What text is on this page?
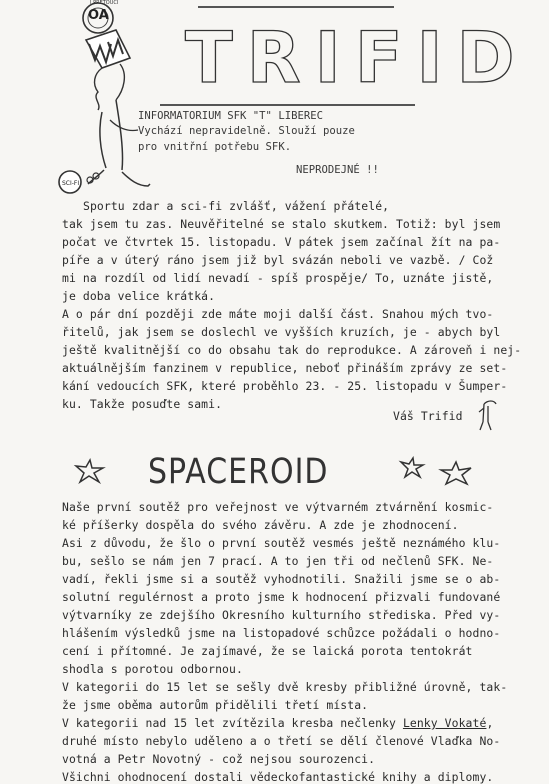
SCI-FI
OA
I.PRETOUCI
TRIFID
INFORMATORIUM SFK "T" LIBEREC
Vychází nepravidelně. Slouží pouze
pro vnitřní potřebu SFK.
NEPRODEJNÉ !!
Sportu zdar a sci-fi zvlášť, vážení přátelé,
tak jsem tu zas. Neuvěřitelné se stalo skutkem. Totiž: byl jsem
počat ve čtvrtek 15. listopadu. V pátek jsem začínal žít na pa-
píře a v úterý ráno jsem již byl svázán neboli ve vazbě. / Což
mi na rozdíl od lidí nevadí - spíš prospěje/ To, uznáte jistě,
je doba velice krátká.
A o pár dní později zde máte moji další část. Snahou mých tvo-
řitelů, jak jsem se doslechl ve vyšších kruzích, je - abych byl
ještě kvalitnější co do obsahu tak do reprodukce. A zároveň i nej-
aktuálnějším fanzinem v republice, neboť přináším zprávy ze set-
kání vedoucích SFK, které proběhlo 23. - 25. listopadu v Šumper-
ku. Takže posuďte sami.
Váš Trifid
SPACEROID
Naše první soutěž pro veřejnost ve výtvarném ztvárnění kosmic-
ké příšerky dospěla do svého závěru. A zde je zhodnocení.
Asi z důvodu, že šlo o první soutěž vesmés ještě neznámého klu-
bu, sešlo se nám jen 7 prací. A to jen tři od nečlenů SFK. Ne-
vadí, řekli jsme si a soutěž vyhodnotili. Snažili jsme se o ab-
solutní regulérnost a proto jsme k hodnocení přizvali fundované
výtvarníky ze zdejšího Okresního kulturního střediska. Před vy-
hlášením výsledků jsme na listopadové schůzce požádali o hodno-
cení i přítomné. Je zajímavé, že se laická porota tentokrát
shodla s porotou odbornou.
V kategorii do 15 let se sešly dvě kresby přibližné úrovně, tak-
že jsme oběma autorům přidělili třetí místa.
V kategorii nad 15 let zvítězila kresba nečlenky Lenky Vokaté,
druhé místo nebylo uděleno a o třetí se dělí členové Vlaďka No-
votná a Petr Novotný - což nejsou sourozenci.
Všichni ohodnocení dostali vědeckofantastické knihy a diplomy.
